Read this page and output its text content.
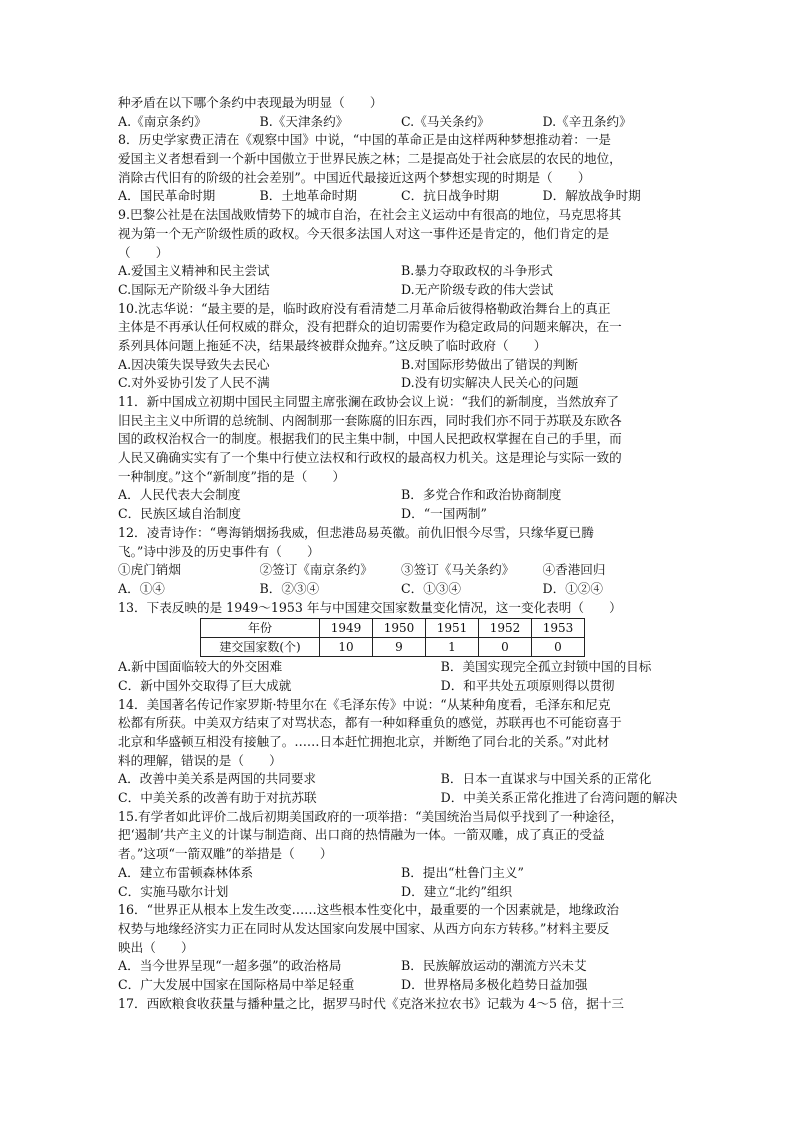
种矛盾在以下哪个条约中表现最为明显（　　）
A.《南京条约》	B.《天津条约》	C.《马关条约》	D.《辛丑条约》
8．历史学家费正清在《观察中国》中说，“中国的革命正是由这样两种梦想推动着：一是
爱国主义者想看到一个新中国傲立于世界民族之林；二是提高处于社会底层的农民的地位，
消除古代旧有的阶级的社会差别”。中国近代最接近这两个梦想实现的时期是（　　）
A．国民革命时期	B．土地革命时期	C．抗日战争时期	D．解放战争时期
9.巴黎公社是在法国战败情势下的城市自治，在社会主义运动中有很高的地位，马克思将其
视为第一个无产阶级性质的政权。今天很多法国人对这一事件还是肯定的，他们肯定的是
（　　）
A.爱国主义精神和民主尝试	B.暴力夺取政权的斗争形式
C.国际无产阶级斗争大团结	D.无产阶级专政的伟大尝试
10.沈志华说：“最主要的是，临时政府没有看清楚二月革命后彼得格勒政治舞台上的真正
主体是不再承认任何权威的群众，没有把群众的迫切需要作为稳定政局的问题来解决，在一
系列具体问题上拖延不决，结果最终被群众抛弃。”这反映了临时政府（　　）
A.因决策失误导致失去民心	B.对国际形势做出了错误的判断
C.对外妥协引发了人民不满	D.没有切实解决人民关心的问题
11．新中国成立初期中国民主同盟主席张澜在政协会议上说：“我们的新制度，当然放弃了
旧民主主义中所谓的总统制、内阁制那一套陈腐的旧东西，同时我们亦不同于苏联及东欧各
国的政权治权合一的制度。根据我们的民主集中制，中国人民把政权掌握在自己的手里，而
人民又确确实实有了一个集中行使立法权和行政权的最高权力机关。这是理论与实际一致的
一种制度。”这个“新制度”指的是（　　）
A．人民代表大会制度	B．多党合作和政治协商制度
C．民族区域自治制度	D．“一国两制”
12．凌青诗作：“粤海销烟扬我威，但悲港岛易英徽。前仇旧恨今尽雪，只缘华夏已腾
飞。”诗中涉及的历史事件有（　　）
①虎门销烟	②签订《南京条约》	③签订《马关条约》	④香港回归
A．①④	B．②③④	C．①③④	D．①②④
13．下表反映的是 1949～1953 年与中国建交国家数量变化情况，这一变化表明（　　）
年份	1949	1950	1951	1952	1953
建交国家数(个)	10	9	1	0	0
A.新中国面临较大的外交困难	B．美国实现完全孤立封锁中国的目标
C．新中国外交取得了巨大成就	D．和平共处五项原则得以贯彻
14．美国著名传记作家罗斯·特里尔在《毛泽东传》中说：“从某种角度看，毛泽东和尼克
松都有所获。中美双方结束了对骂状态，都有一种如释重负的感觉，苏联再也不可能窃喜于
北京和华盛顿互相没有接触了。……日本赶忙拥抱北京，并断绝了同台北的关系。”对此材
料的理解，错误的是（　　）
A．改善中美关系是两国的共同要求	B．日本一直谋求与中国关系的正常化
C．中美关系的改善有助于对抗苏联	D．中美关系正常化推进了台湾问题的解决
15.有学者如此评价二战后初期美国政府的一项举措：“美国统治当局似乎找到了一种途径，
把‘遏制’共产主义的计谋与制造商、出口商的热情融为一体。一箭双雕，成了真正的受益
者。”这项“一箭双雕”的举措是（　　）
A．建立布雷顿森林体系	B．提出“杜鲁门主义”
C．实施马歇尔计划	D．建立“北约”组织
16．“世界正从根本上发生改变……这些根本性变化中，最重要的一个因素就是，地缘政治
权势与地缘经济实力正在同时从发达国家向发展中国家、从西方向东方转移。”材料主要反
映出（　　）
A．当今世界呈现“一超多强”的政治格局	B．民族解放运动的潮流方兴未艾
C．广大发展中国家在国际格局中举足轻重	D．世界格局多极化趋势日益加强
17．西欧粮食收获量与播种量之比，据罗马时代《克洛米拉农书》记载为 4～5 倍，据十三
